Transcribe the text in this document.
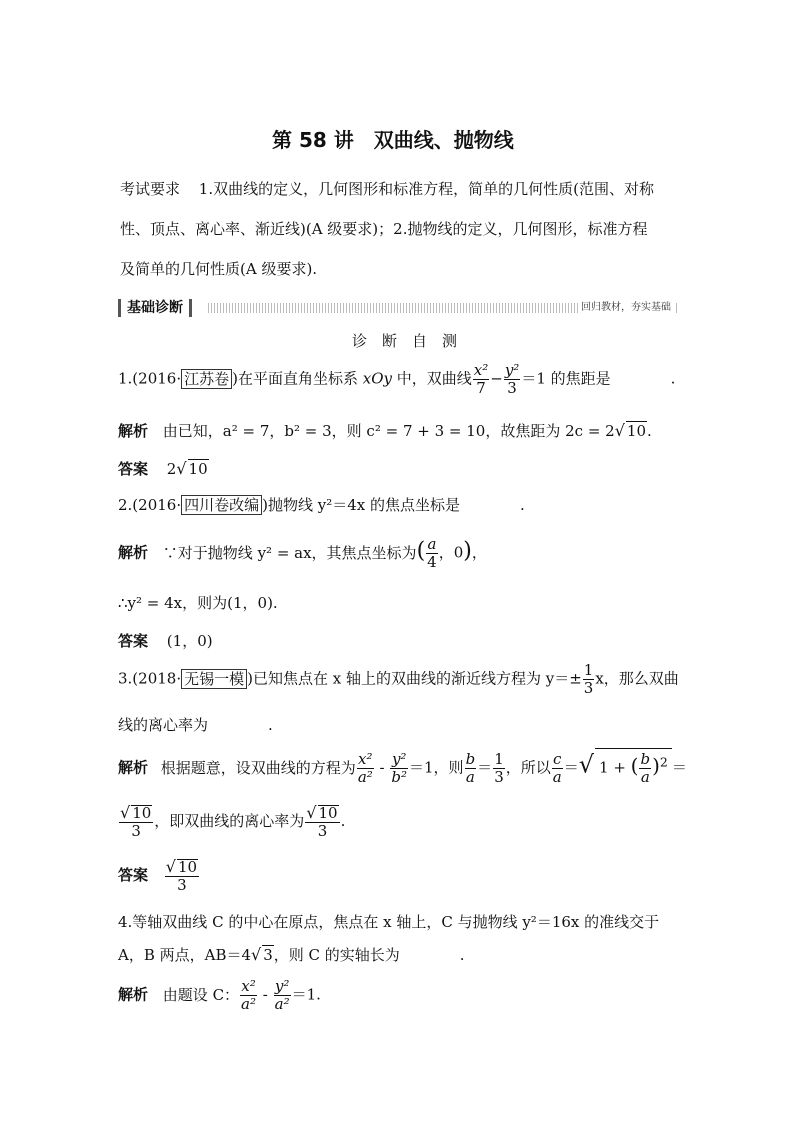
第 58 讲　双曲线、抛物线
考试要求 1.双曲线的定义，几何图形和标准方程，简单的几何性质(范围、对称
性、顶点、离心率、渐近线)(A 级要求)；2.抛物线的定义，几何图形，标准方程
及简单的几何性质(A 级要求).
基础诊断	回归教材，夯实基础
诊　断　自　测
1.(2016· 江苏卷 )在平面直角坐标系 xOy 中，双曲线 $\frac{\text{x²}}{7} - \frac{\text{y²}}{3} =1$ 的焦距是	.
解析 由已知，a² = 7，b² = 3，则 c² = 7 + 3 = 10，故焦距为 2c = 2√ 10.
答案 2√ 10
2.(2016· 四川卷改编 )抛物线 y²＝4x 的焦点坐标是	.
解析 ∵对于抛物线 y² = ax，其焦点坐标为( $\frac{a}{4}$ ，0)，
∴y² = 4x，则为(1，0).
答案 (1，0)
3.(2018· 无锡一模 )已知焦点在 x 轴上的双曲线的渐近线方程为 $y=\pm \frac{1}{3}$ x，那么双曲
线的离心率为	.
解析 根据题意，设双曲线的方程为 $\frac{\text{x²}}{\text{a²}} - \frac{\text{y²}}{\text{b²}} =1$，则 $\frac{b}{a} = \frac{1}{3}$ ，所以 $\frac{c}{a}$ ＝√ 1 + ( $\frac{b}{a} )^2$ ＝
$\frac{√ 10}{3}$ ，即双曲线的离心率为 $\frac{√ 10}{3}$ .
答案 $\frac{√ 10}{3}$
4.等轴双曲线 C 的中心在原点，焦点在 x 轴上，C 与抛物线 y²＝16x 的准线交于
A，B 两点，AB＝4√ 3，则 C 的实轴长为	.
解析 由题设 C： $\frac{\text{x²}}{\text{a²}} - \frac{\text{y²}}{\text{a²}} =1$.
